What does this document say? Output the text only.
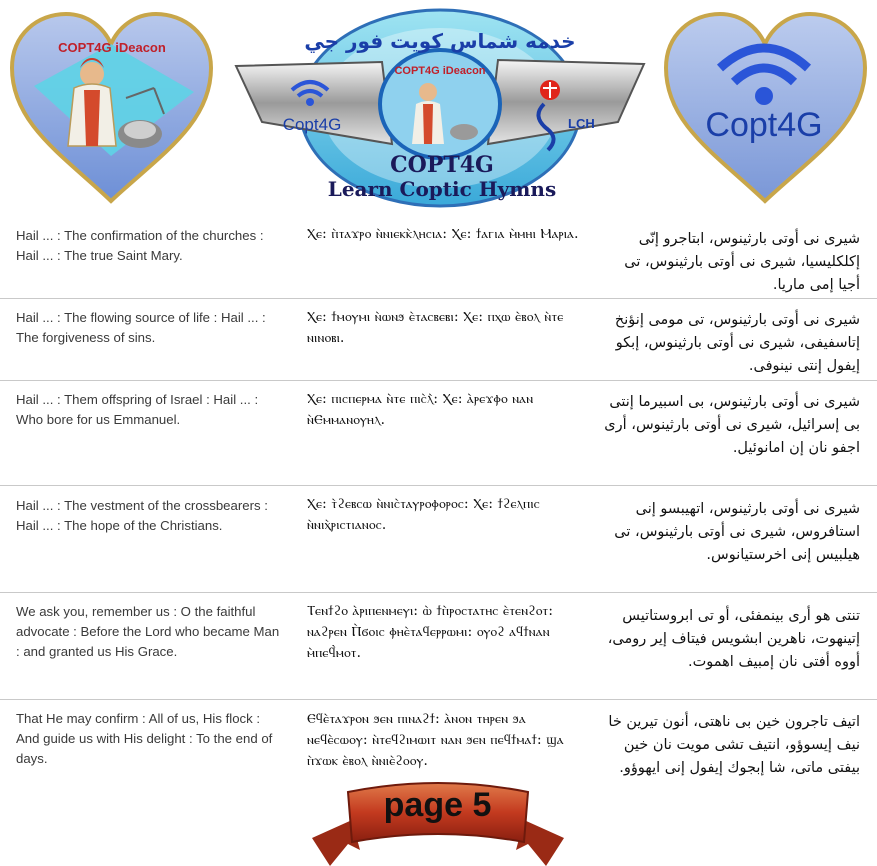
COPT4G iDeacon
Copt4G
COPT4G iDeacon
LCH
خدمه شماس كويت فور جي
COPT4G
Learn Coptic Hymns
Copt4G
Hail ... : The confirmation of the churches : Hail ... : The true Saint Mary.
Ⲭⲉ: ⲡ̀ⲧⲁϫⲣⲟ ⲛ̀ⲛⲓⲉⲕⲕ̀ⲗⲏⲥⲓⲁ: Ⲭⲉ: ϯⲁⲅⲓⲁ ⲙ̀ⲙⲏⲓ Ⲙⲁⲣⲓⲁ.	شيرى نى أوتى بارثينوس، ابتاجرو إنّى إكلكليسيا، شيرى نى أوتى بارثينوس، تى أجيا إمى ماريا.
Hail ... : The flowing source of life : Hail ... : The forgiveness of sins.
Ⲭⲉ: ϯⲙⲟⲩⲙⲓ ⲛ̀ⲱⲛϧ ⲉ̀ⲧⲁⲥⲃⲉⲃⲓ: Ⲭⲉ: ⲡⲭⲱ ⲉ̀ⲃⲟⲗ ⲛ̀ⲧⲉ ⲛⲓⲛⲟⲃⲓ.
شيرى نى أوتى بارثينوس، تى مومى إنؤنخ إتاسفيفى، شيرى نى أوتى بارثينوس، إبكو إيفول إنتى نينوفى.
Hail ... : Them offspring of Israel : Hail ... : Who bore for us Emmanuel.
Ⲭⲉ: ⲡⲓⲥⲡⲉⲣⲙⲁ ⲛ̀ⲧⲉ ⲡⲓⲥ̀ⲗ̀: Ⲭⲉ: ⲁ̀ⲣⲉϫⲫⲟ ⲛⲁⲛ ⲛ̀Ⲉⲙⲙⲁⲛⲟⲩⲏⲗ.
شيرى نى أوتى بارثينوس، بى اسبيرما إنتى بى إسرائيل، شيرى نى أوتى بارثينوس، أرى اجفو نان إن امانوئيل.
Hail ... : The vestment of the crossbearers : Hail ... : The hope of the Christians.
Ⲭⲉ: ⲧ̀ϩⲉⲃⲥⲱ ⲛ̀ⲛⲓⲥ̀ⲧⲁⲩⲣⲟⲫⲟⲣⲟⲥ: Ⲭⲉ: ϯϩⲉⲗⲡⲓⲥ ⲛ̀ⲛⲓⲭ̀ⲣⲓⲥⲧⲓⲁⲛⲟⲥ.
شيرى نى أوتى بارثينوس، اتهيبسو إنى استافروس، شيرى نى أوتى بارثينوس، تى هيلبيس إنى اخرستيانوس.
We ask you, remember us : O the faithful advocate : Before the Lord who became Man : and granted us His Grace.
Ⲧⲉⲛϯϩⲟ ⲁ̀ⲣⲓⲡⲉⲛⲙⲉⲩⲓ: ⲱ̀ ϯⲡ̀ⲣⲟⲥⲧⲁⲧⲏⲥ ⲉ̀ⲧⲉⲛϩⲟⲧ: ⲛⲁϩⲣⲉⲛ Ⲡ̀ϭⲟⲓⲥ ⲫⲏⲉ̀ⲧⲁϥⲉⲣⲣⲱⲙⲓ: ⲟⲩⲟϩ ⲁϥϯⲛⲁⲛ ⲙ̀ⲡⲉϥ̀ⲙⲟⲧ.
تنتى هو أرى بينمفئى، أو تى ابروستاتيس إتينهوت، ناهرين ابشويس فيتاف إير رومى، أووه أفتى نان إمبيف اهموت.
That He may confirm : All of us, His flock : And guide us with His delight : To the end of days.
Ⲉϥⲉ̀ⲧⲁϫⲣⲟⲛ ϧⲉⲛ ⲡⲓⲛⲁϩϯ: ⲁ̀ⲛⲟⲛ ⲧⲏⲣⲉⲛ ϧⲁ ⲛⲉϥⲉ̀ⲥⲱⲟⲩ: ⲛ̀ⲧⲉϥϩⲓⲙⲱⲓⲧ ⲛⲁⲛ ϧⲉⲛ ⲡⲉϥϯⲙⲁϯ: ϣⲁ ⲡ̀ϫⲱⲕ ⲉ̀ⲃⲟⲗ ⲛ̀ⲛⲓⲉ̀ϩⲟⲟⲩ.
اتيف تاجرون خين بى ناهتى، أنون تيرين خا نيف إيسوؤو، انتيف تشى مويت نان خين بيفتى ماتى، شا إبجوك إيفول إنى ايهوؤو.
page 5
